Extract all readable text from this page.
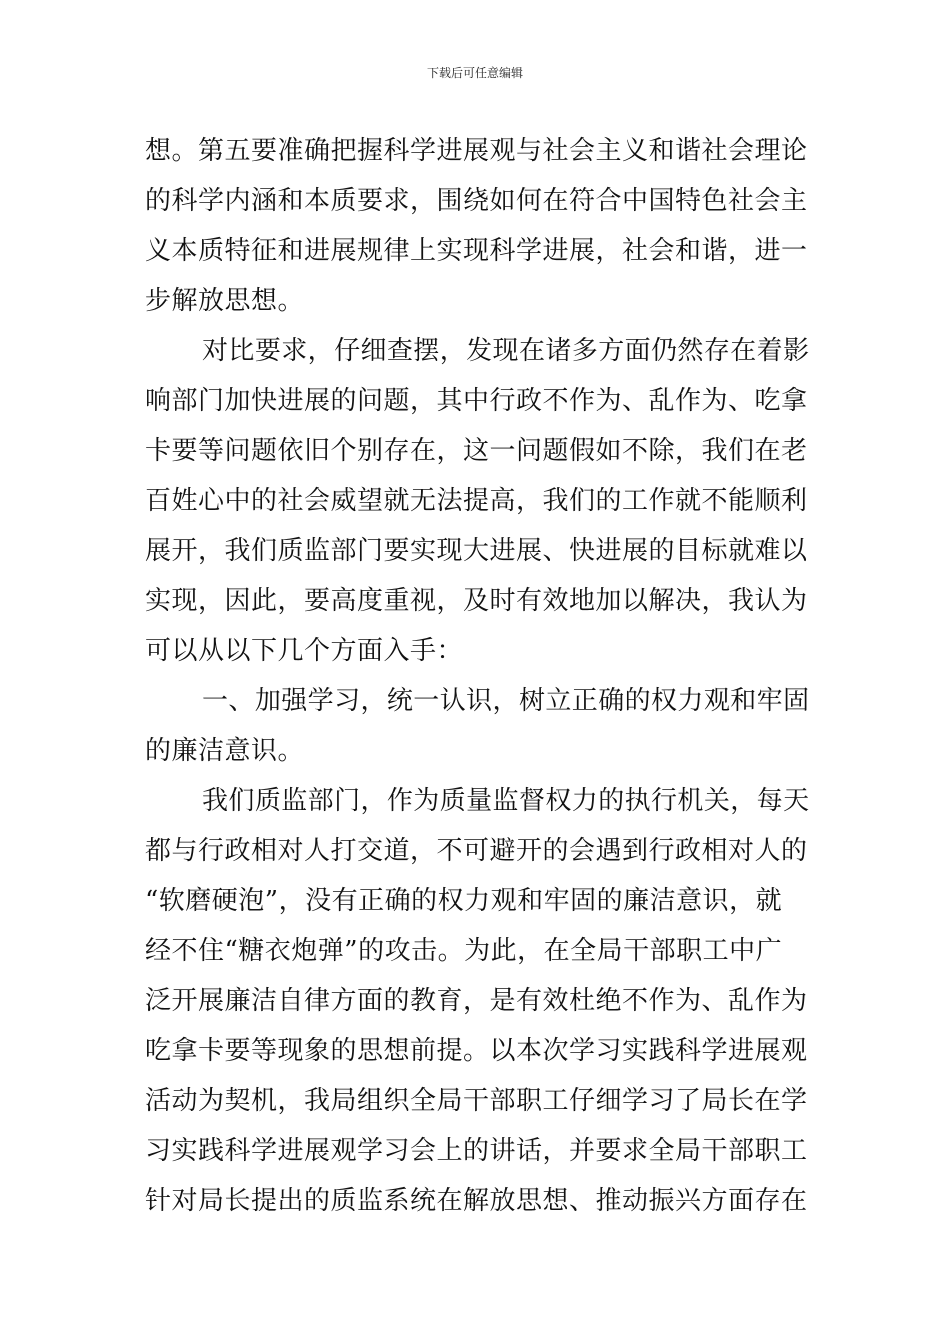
下载后可任意编辑
想。第五要准确把握科学进展观与社会主义和谐社会理论
的科学内涵和本质要求，围绕如何在符合中国特色社会主
义本质特征和进展规律上实现科学进展，社会和谐，进一
步解放思想。
对比要求，仔细查摆，发现在诸多方面仍然存在着影
响部门加快进展的问题，其中行政不作为、乱作为、吃拿
卡要等问题依旧个别存在，这一问题假如不除，我们在老
百姓心中的社会威望就无法提高，我们的工作就不能顺利
展开，我们质监部门要实现大进展、快进展的目标就难以
实现，因此，要高度重视，及时有效地加以解决，我认为
可以从以下几个方面入手：
一、加强学习，统一认识，树立正确的权力观和牢固
的廉洁意识。
我们质监部门，作为质量监督权力的执行机关，每天
都与行政相对人打交道，不可避开的会遇到行政相对人的
“软磨硬泡”，没有正确的权力观和牢固的廉洁意识，就
经不住“糖衣炮弹”的攻击。为此，在全局干部职工中广
泛开展廉洁自律方面的教育，是有效杜绝不作为、乱作为
吃拿卡要等现象的思想前提。以本次学习实践科学进展观
活动为契机，我局组织全局干部职工仔细学习了局长在学
习实践科学进展观学习会上的讲话，并要求全局干部职工
针对局长提出的质监系统在解放思想、推动振兴方面存在
